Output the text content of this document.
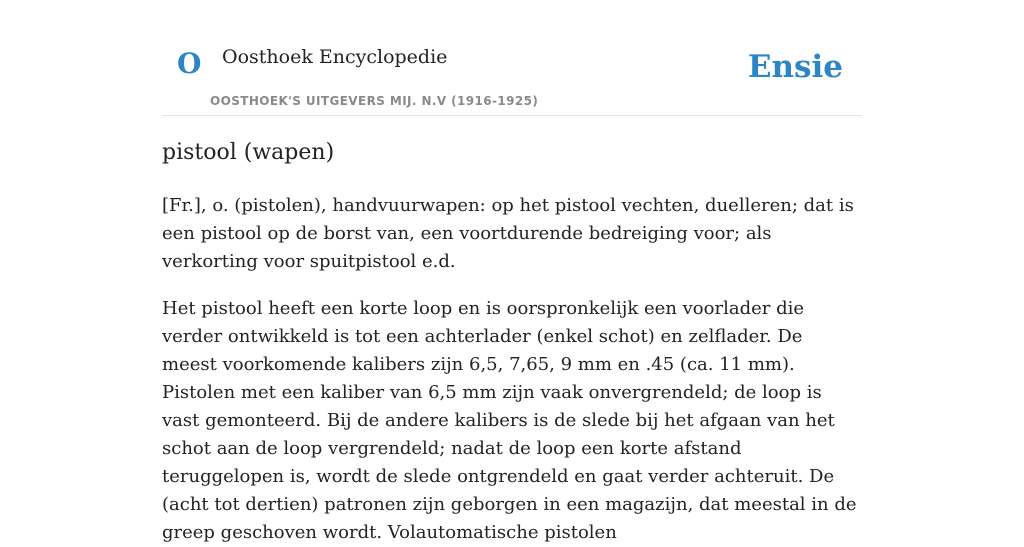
O Oosthoek Encyclopedie
OOSTHOEK'S UITGEVERS MIJ. N.V (1916-1925)
Ensie
pistool (wapen)

[Fr.], o. (pistolen), handvuurwapen: op het pistool vechten, duelleren; dat is een pistool op de borst van, een voortdurende bedreiging voor; als verkorting voor spuitpistool e.d.

Het pistool heeft een korte loop en is oorspronkelijk een voorlader die verder ontwikkeld is tot een achterlader (enkel schot) en zelflader. De meest voorkomende kalibers zijn 6,5, 7,65, 9 mm en .45 (ca. 11 mm). Pistolen met een kaliber van 6,5 mm zijn vaak onvergrendeld; de loop is vast gemonteerd. Bij de andere kalibers is de slede bij het afgaan van het schot aan de loop vergrendeld; nadat de loop een korte afstand teruggelopen is, wordt de slede ontgrendeld en gaat verder achteruit. De (acht tot dertien) patronen zijn geborgen in een magazijn, dat meestal in de greep geschoven wordt. Volautomatische pistolen
